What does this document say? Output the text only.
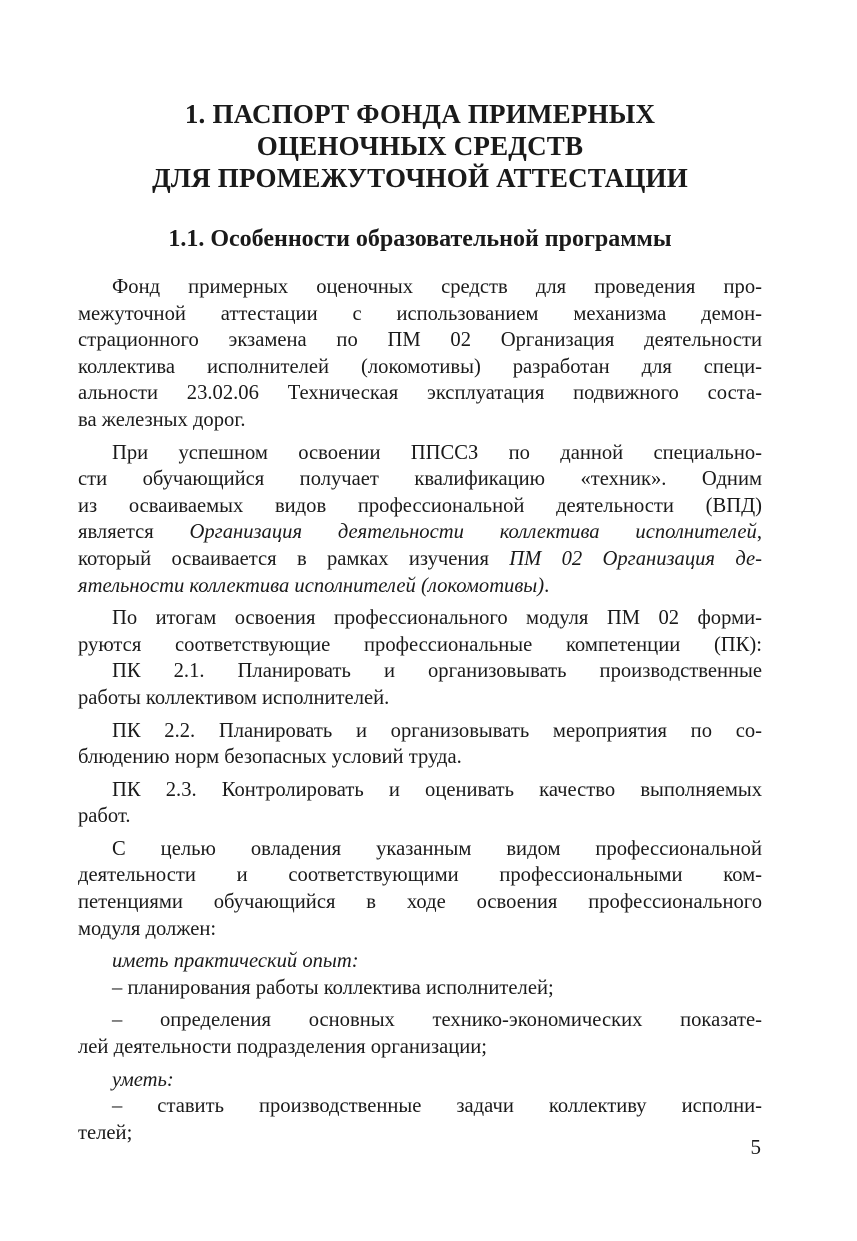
1. ПАСПОРТ ФОНДА ПРИМЕРНЫХ
ОЦЕНОЧНЫХ СРЕДСТВ
ДЛЯ ПРОМЕЖУТОЧНОЙ АТТЕСТАЦИИ
1.1. Особенности образовательной программы
Фонд примерных оценочных средств для проведения про-
межуточной аттестации с использованием механизма демон-
страционного экзамена по ПМ 02 Организация деятельности
коллектива исполнителей (локомотивы) разработан для специ-
альности 23.02.06 Техническая эксплуатация подвижного соста-
ва железных дорог.
При успешном освоении ППССЗ по данной специально-
сти обучающийся получает квалификацию «техник». Одним
из осваиваемых видов профессиональной деятельности (ВПД)
является Организация деятельности коллектива исполнителей,
который осваивается в рамках изучения ПМ 02 Организация де-
ятельности коллектива исполнителей (локомотивы).
По итогам освоения профессионального модуля ПМ 02 форми-
руются соответствующие профессиональные компетенции (ПК):
ПК 2.1. Планировать и организовывать производственные
работы коллективом исполнителей.
ПК 2.2. Планировать и организовывать мероприятия по со-
блюдению норм безопасных условий труда.
ПК 2.3. Контролировать и оценивать качество выполняемых
работ.
С целью овладения указанным видом профессиональной
деятельности и соответствующими профессиональными ком-
петенциями обучающийся в ходе освоения профессионального
модуля должен:
иметь практический опыт:
– планирования работы коллектива исполнителей;
– определения основных технико-экономических показате-
лей деятельности подразделения организации;
уметь:
– ставить производственные задачи коллективу исполни-
телей;
5
